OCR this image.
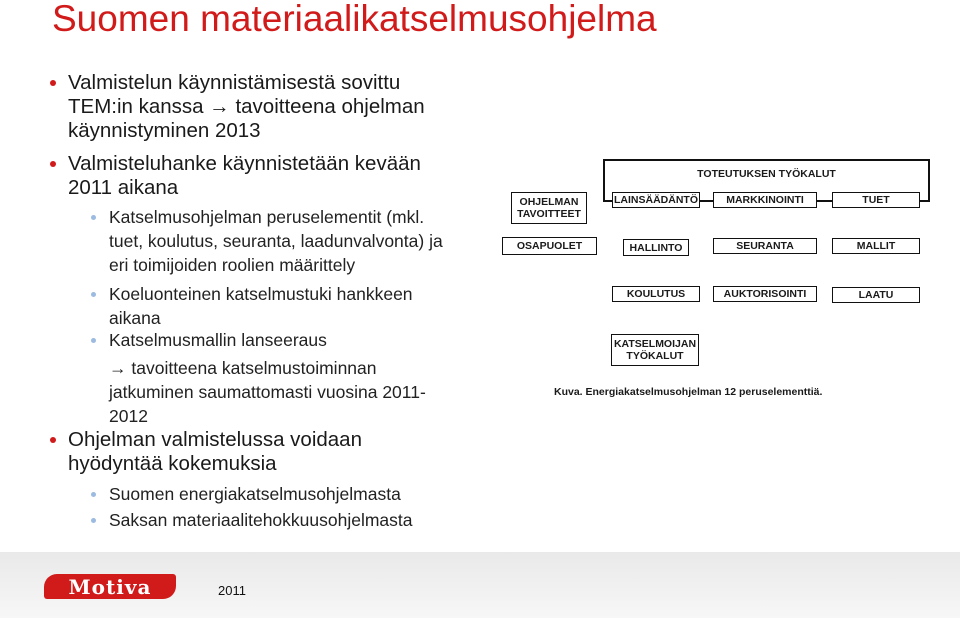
Suomen materiaalikatselmusohjelma
Valmistelun käynnistämisestä sovittu
TEM:in kanssa → tavoitteena ohjelman
käynnistyminen 2013
Valmisteluhanke käynnistetään kevään
2011 aikana
Katselmusohjelman peruselementit (mkl.
tuet, koulutus, seuranta, laadunvalvonta) ja
eri toimijoiden roolien määrittely
Koeluonteinen katselmustuki hankkeen
aikana
Katselmusmallin lanseeraus
→ tavoitteena katselmustoiminnan
jatkuminen saumattomasti vuosina 2011-
2012
Ohjelman valmistelussa voidaan
hyödyntää kokemuksia
Suomen energiakatselmusohjelmasta
Saksan materiaalitehokkuusohjelmasta
TOTEUTUKSEN TYÖKALUT
OHJELMAN TAVOITTEET
OSAPUOLET
LAINSÄÄDÄNTÖ	MARKKINOINTI	TUET
HALLINTO	SEURANTA	MALLIT
KOULUTUS	AUKTORISOINTI	LAATU
KATSELMOIJAN TYÖKALUT
Kuva. Energiakatselmusohjelman 12 peruselementtiä.
Motiva	2011
